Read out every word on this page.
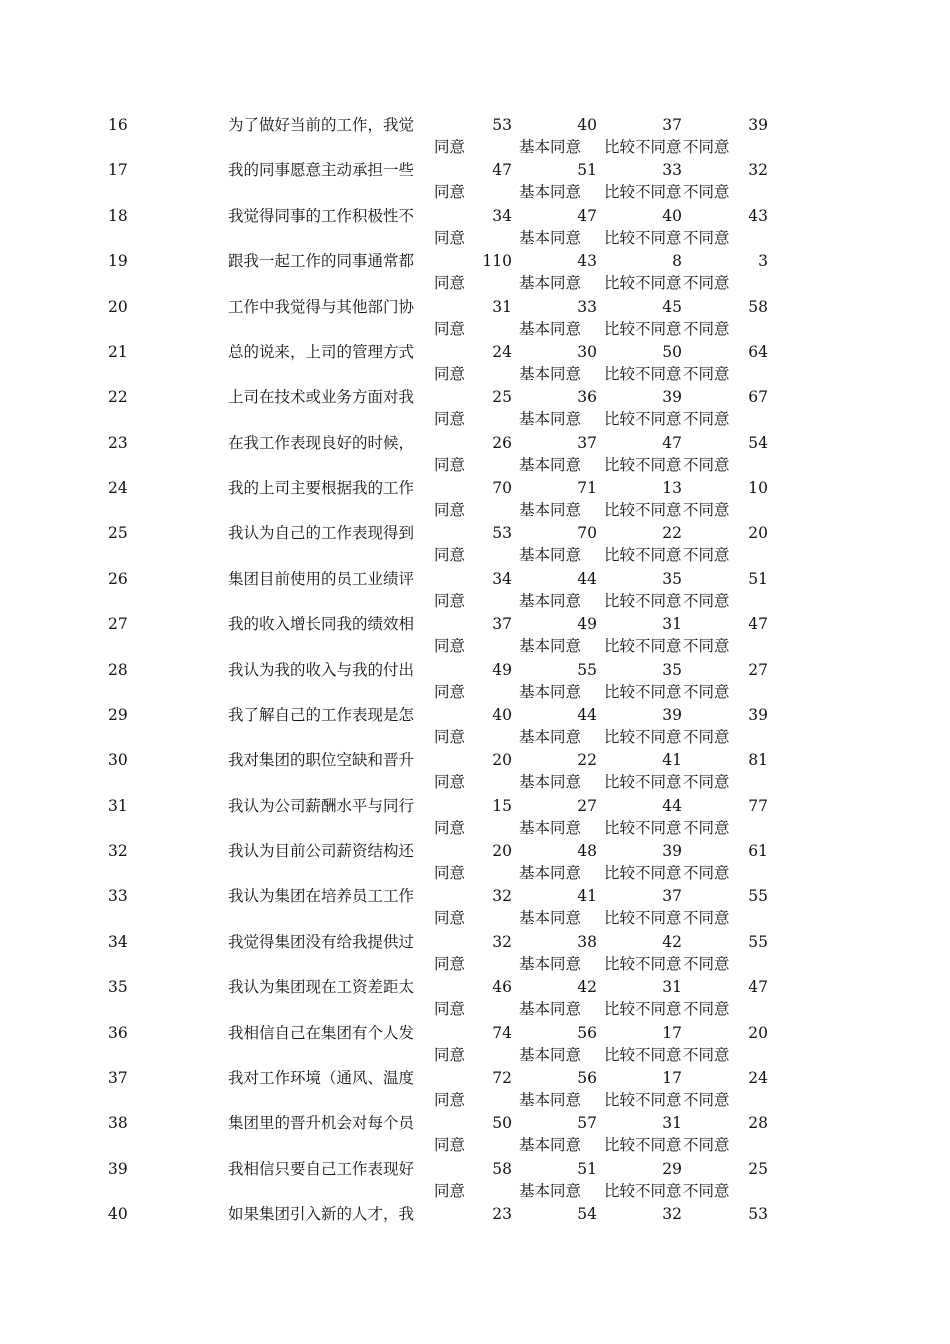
16	为了做好当前的工作，我觉	53	40	37	39
同意	基本同意 比较不同意 不同意
17	我的同事愿意主动承担一些	47	51	33	32
同意	基本同意 比较不同意 不同意
18	我觉得同事的工作积极性不	34	47	40	43
同意	基本同意 比较不同意 不同意
19	跟我一起工作的同事通常都	110	43	8	3
同意	基本同意 比较不同意 不同意
20	工作中我觉得与其他部门协	31	33	45	58
同意	基本同意 比较不同意 不同意
21	总的说来，上司的管理方式	24	30	50	64
同意	基本同意 比较不同意 不同意
22	上司在技术或业务方面对我	25	36	39	67
同意	基本同意 比较不同意 不同意
23	在我工作表现良好的时候，	26	37	47	54
同意	基本同意 比较不同意 不同意
24	我的上司主要根据我的工作	70	71	13	10
同意	基本同意 比较不同意 不同意
25	我认为自己的工作表现得到	53	70	22	20
同意	基本同意 比较不同意 不同意
26	集团目前使用的员工业绩评	34	44	35	51
同意	基本同意 比较不同意 不同意
27	我的收入增长同我的绩效相	37	49	31	47
同意	基本同意 比较不同意 不同意
28	我认为我的收入与我的付出	49	55	35	27
同意	基本同意 比较不同意 不同意
29	我了解自己的工作表现是怎	40	44	39	39
同意	基本同意 比较不同意 不同意
30	我对集团的职位空缺和晋升	20	22	41	81
同意	基本同意 比较不同意 不同意
31	我认为公司薪酬水平与同行	15	27	44	77
同意	基本同意 比较不同意 不同意
32	我认为目前公司薪资结构还	20	48	39	61
同意	基本同意 比较不同意 不同意
33	我认为集团在培养员工工作	32	41	37	55
同意	基本同意 比较不同意 不同意
34	我觉得集团没有给我提供过	32	38	42	55
同意	基本同意 比较不同意 不同意
35	我认为集团现在工资差距太	46	42	31	47
同意	基本同意 比较不同意 不同意
36	我相信自己在集团有个人发	74	56	17	20
同意	基本同意 比较不同意 不同意
37	我对工作环境（通风、温度	72	56	17	24
同意	基本同意 比较不同意 不同意
38	集团里的晋升机会对每个员	50	57	31	28
同意	基本同意 比较不同意 不同意
39	我相信只要自己工作表现好	58	51	29	25
同意	基本同意 比较不同意 不同意
40	如果集团引入新的人才，我	23	54	32	53
